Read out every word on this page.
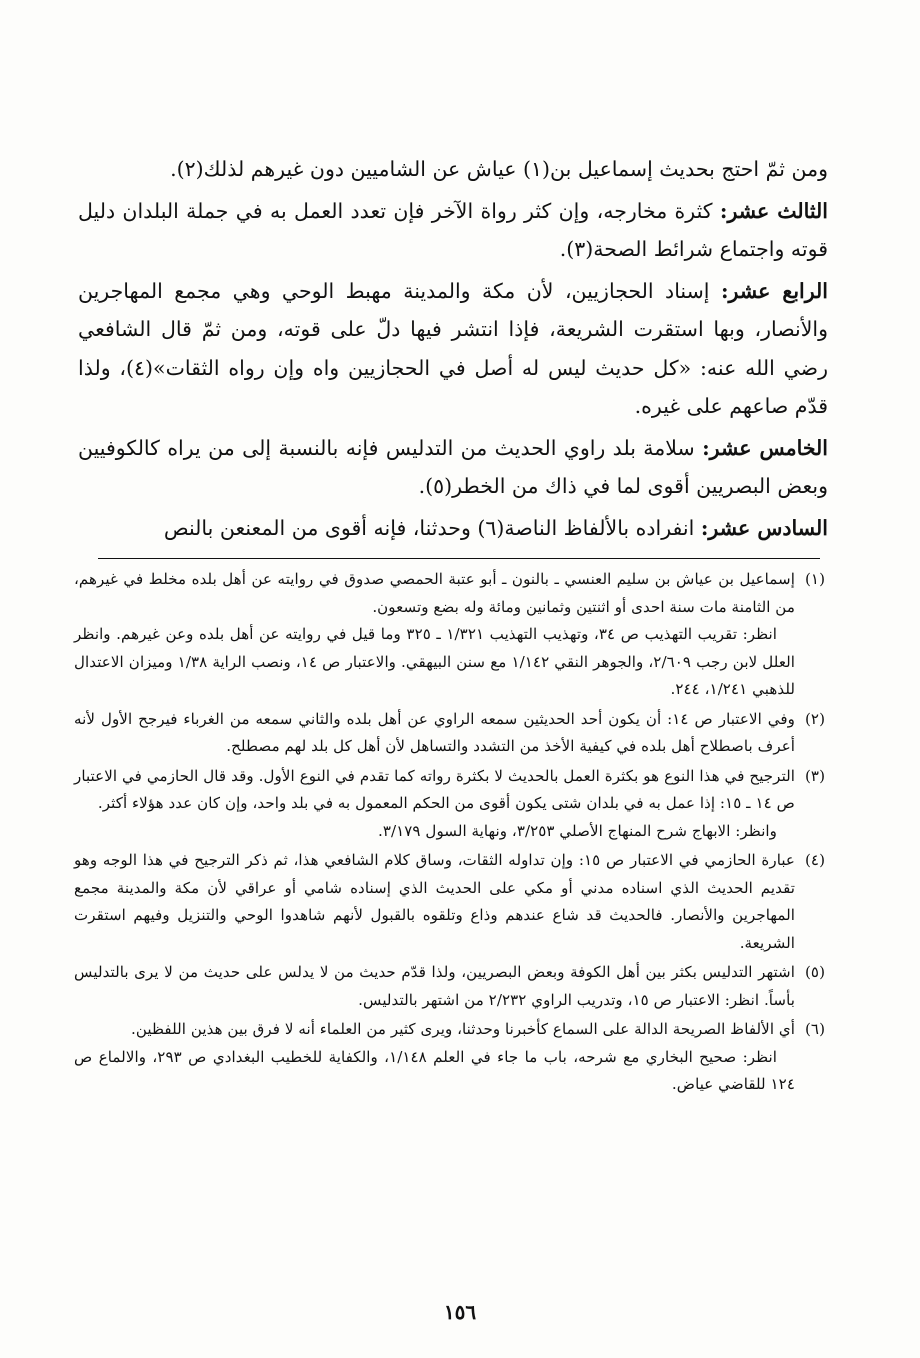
ومن ثمّ احتج بحديث إسماعيل بن(١) عياش عن الشاميين دون غيرهم لذلك(٢).

الثالث عشر: كثرة مخارجه، وإن كثر رواة الآخر فإن تعدد العمل به في جملة البلدان دليل قوته واجتماع شرائط الصحة(٣).

الرابع عشر: إسناد الحجازيين، لأن مكة والمدينة مهبط الوحي وهي مجمع المهاجرين والأنصار، وبها استقرت الشريعة، فإذا انتشر فيها دلّ على قوته، ومن ثمّ قال الشافعي رضي الله عنه: «كل حديث ليس له أصل في الحجازيين واه وإن رواه الثقات»(٤)، ولذا قدّم صاعهم على غيره.

الخامس عشر: سلامة بلد راوي الحديث من التدليس فإنه بالنسبة إلى من يراه كالكوفيين وبعض البصريين أقوى لما في ذاك من الخطر(٥).

السادس عشر: انفراده بالألفاظ الناصة(٦) وحدثنا، فإنه أقوى من المعنعن بالنص

(١)

إسماعيل بن عياش بن سليم العنسي ـ بالنون ـ أبو عتبة الحمصي صدوق في روايته عن أهل بلده مخلط في غيرهم، من الثامنة مات سنة احدى أو اثنتين وثمانين ومائة وله بضع وتسعون.

انظر: تقريب التهذيب ص ٣٤، وتهذيب التهذيب ١/٣٢١ ـ ٣٢٥ وما قيل في روايته عن أهل بلده وعن غيرهم. وانظر العلل لابن رجب ٢/٦٠٩، والجوهر النقي ١/١٤٢ مع سنن البيهقي. والاعتبار ص ١٤، ونصب الراية ١/٣٨ وميزان الاعتدال للذهبي ١/٢٤١، ٢٤٤.

(٢)

وفي الاعتبار ص ١٤: أن يكون أحد الحديثين سمعه الراوي عن أهل بلده والثاني سمعه من الغرباء فيرجح الأول لأنه أعرف باصطلاح أهل بلده في كيفية الأخذ من التشدد والتساهل لأن أهل كل بلد لهم مصطلح.

(٣)

الترجيح في هذا النوع هو بكثرة العمل بالحديث لا بكثرة رواته كما تقدم في النوع الأول. وقد قال الحازمي في الاعتبار ص ١٤ ـ ١٥: إذا عمل به في بلدان شتى يكون أقوى من الحكم المعمول به في بلد واحد، وإن كان عدد هؤلاء أكثر.

وانظر: الابهاج شرح المنهاج الأصلي ٣/٢٥٣، ونهاية السول ٣/١٧٩.

(٤)

عبارة الحازمي في الاعتبار ص ١٥: وإن تداوله الثقات، وساق كلام الشافعي هذا، ثم ذكر الترجيح في هذا الوجه وهو تقديم الحديث الذي اسناده مدني أو مكي على الحديث الذي إسناده شامي أو عراقي لأن مكة والمدينة مجمع المهاجرين والأنصار. فالحديث قد شاع عندهم وذاع وتلقوه بالقبول لأنهم شاهدوا الوحي والتنزيل وفيهم استقرت الشريعة.

(٥)

اشتهر التدليس بكثر بين أهل الكوفة وبعض البصريين، ولذا قدّم حديث من لا يدلس على حديث من لا يرى بالتدليس بأساً. انظر: الاعتبار ص ١٥، وتدريب الراوي ٢/٢٣٢ من اشتهر بالتدليس.

(٦)

أي الألفاظ الصريحة الدالة على السماع كأخبرنا وحدثنا، ويرى كثير من العلماء أنه لا فرق بين هذين اللفظين.

انظر: صحيح البخاري مع شرحه، باب ما جاء في العلم ١/١٤٨، والكفاية للخطيب البغدادي ص ٢٩٣، والالماع ص ١٢٤ للقاضي عياض.

١٥٦
